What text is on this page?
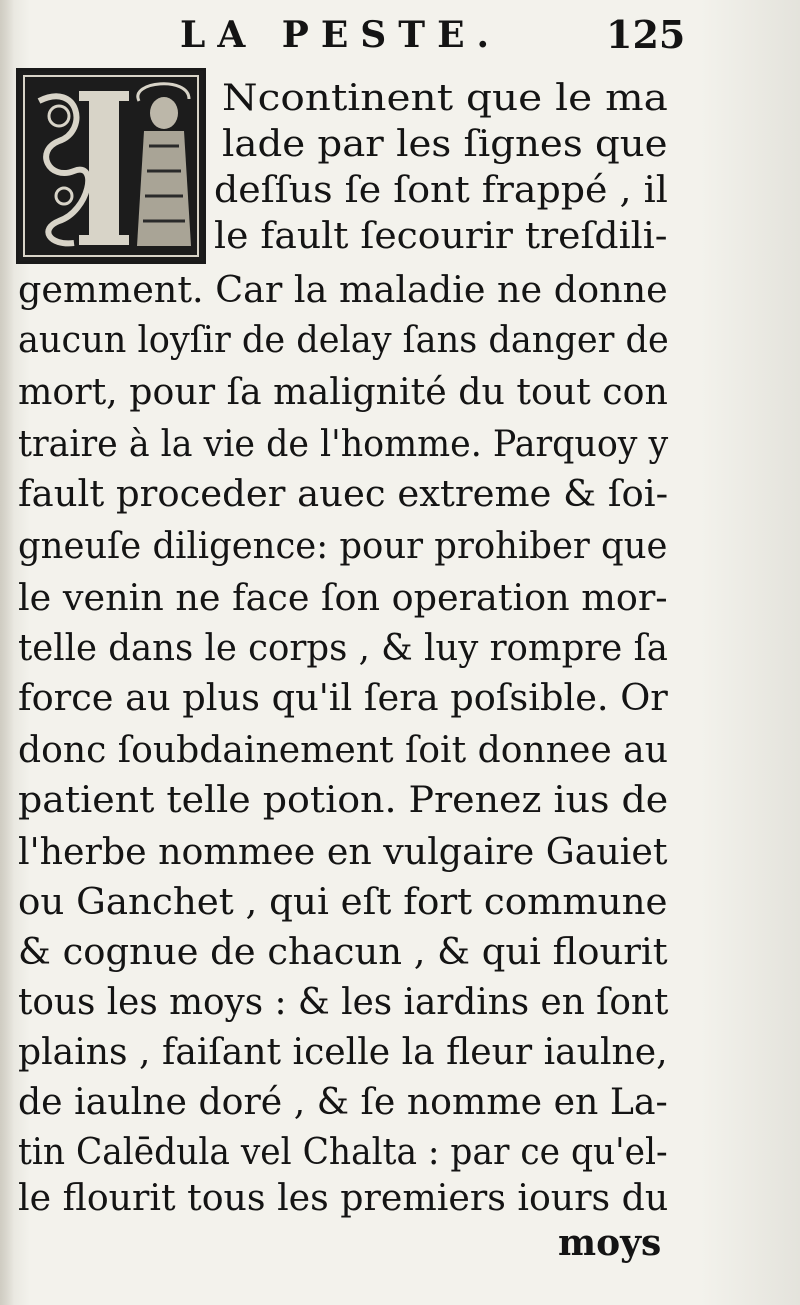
LA PESTE.	125
Ncontinent que le ma
lade par les ſignes que
deſſus ſe ſont frappé , il
le fault ſecourir treſdili-
gemment. Car la maladie ne donne
aucun loyſir de delay ſans danger de
mort, pour ſa malignité du tout con
traire à la vie de l'homme. Parquoy y
fault proceder auec extreme & ſoi-
gneuſe diligence: pour prohiber que
le venin ne face ſon operation mor-
telle dans le corps , & luy rompre ſa
force au plus qu'il ſera poſsible. Or
donc ſoubdainement ſoit donnee au
patient telle potion. Prenez ius de
l'herbe nommee en vulgaire Gauiet
ou Ganchet , qui eſt fort commune
& cognue de chacun , & qui flourit
tous les moys : & les iardins en ſont
plains , faiſant icelle la fleur iaulne,
de iaulne doré , & ſe nomme en La-
tin Calēdula vel Chalta : par ce qu'el-
le flourit tous les premiers iours du
moys
